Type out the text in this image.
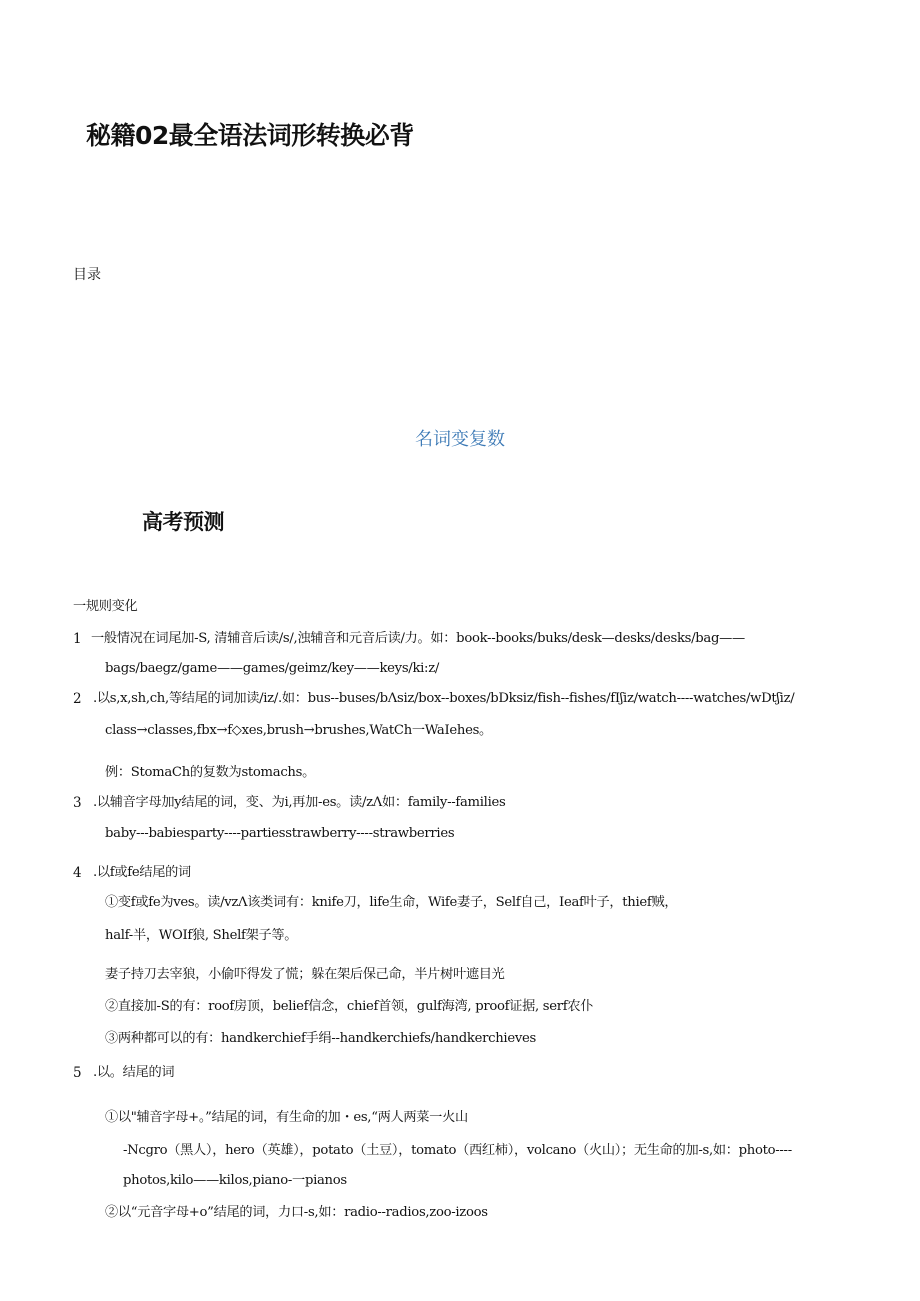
秘籍02最全语法词形转换必背
目录
名词变复数
高考预测
一规则变化
1 一般情况在词尾加-S, 清辅音后读/s/,浊辅音和元音后读/力。如：book--books/buks/desk—desks/desks/bag——
bags/baegz/game——games/geimz/key——keys/ki:z/
2 .以s,x,sh,ch,等结尾的词加读/iz/.如：bus--buses/bΛsiz/box--boxes/bDksiz/fish--fishes/fIʃiz/watch----watches/wDtʃiz/
class→classes,fbx→f◇xes,brush→brushes,WatCh一WaIehes。
例：StomaCh的复数为stomachs。
3 .以辅音字母加y结尾的词，变、为i,再加-es。读/zΛ如：family--families
baby---babiesparty----partiesstrawberry----strawberries
4 .以f或fe结尾的词
①变f或fe为ves。读/vzΛ该类词有：knife刀，life生命，Wife妻子，Self自己，Ieaf叶子，thief贼，
half-半，WOIf狼, Shelf架子等。
妻子持刀去宰狼，小偷吓得发了慌；躲在架后保己命，半片树叶遮目光
②直接加-S的有：roof房顶，belief信念，chief首领，gulf海湾, proof证据, serf农仆
③两种都可以的有：handkerchief手绢--handkerchiefs/handkerchieves
5 .以。结尾的词
①以"辅音字母+。”结尾的词，有生命的加・es,“两人两菜一火山
-Ncgro（黑人），hero（英雄），potato（土豆），tomato（西红柿），volcano（火山）；无生命的加-s,如：photo----
photos,kilo——kilos,piano-一pianos
②以“元音字母+o”结尾的词，力口-s,如：radio--radios,zoo-izoos
